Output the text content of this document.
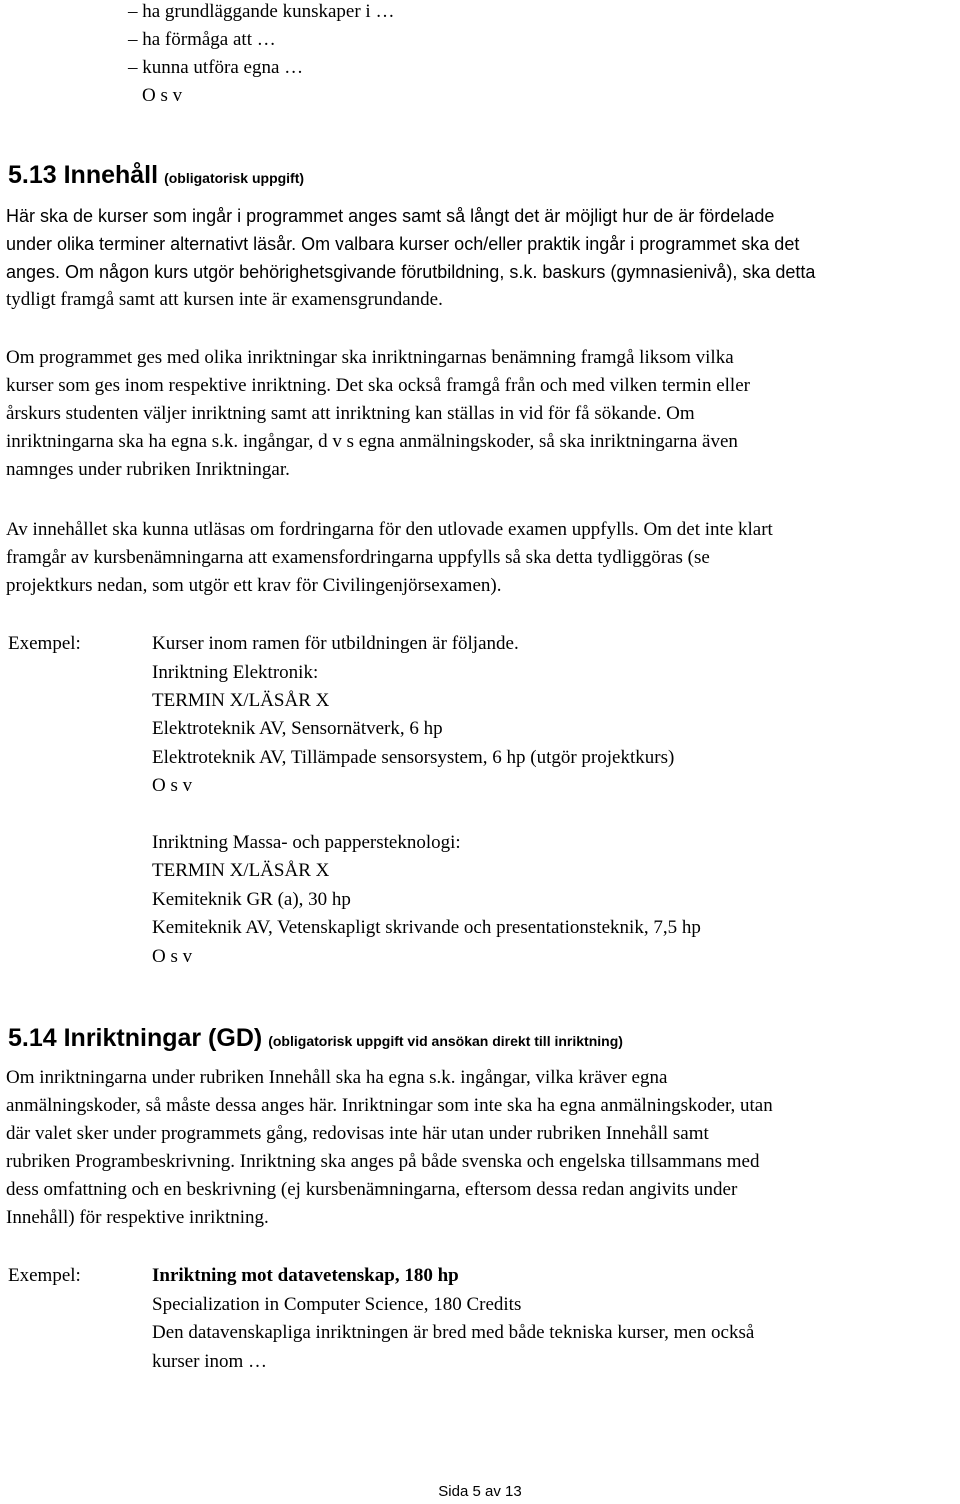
– ha grundläggande kunskaper i …
– ha förmåga att …
– kunna utföra egna …
O s v
5.13 Innehåll (obligatorisk uppgift)
Här ska de kurser som ingår i programmet anges samt så långt det är möjligt hur de är fördelade
under olika terminer alternativt läsår. Om valbara kurser och/eller praktik ingår i programmet ska det
anges. Om någon kurs utgör behörighetsgivande förutbildning, s.k. baskurs (gymnasienivå), ska detta
tydligt framgå samt att kursen inte är examensgrundande.
Om programmet ges med olika inriktningar ska inriktningarnas benämning framgå liksom vilka
kurser som ges inom respektive inriktning. Det ska också framgå från och med vilken termin eller
årskurs studenten väljer inriktning samt att inriktning kan ställas in vid för få sökande. Om
inriktningarna ska ha egna s.k. ingångar, d v s egna anmälningskoder, så ska inriktningarna även
namnges under rubriken Inriktningar.
Av innehållet ska kunna utläsas om fordringarna för den utlovade examen uppfylls. Om det inte klart
framgår av kursbenämningarna att examensfordringarna uppfylls så ska detta tydliggöras (se
projektkurs nedan, som utgör ett krav för Civilingenjörsexamen).
Exempel:	Kurser inom ramen för utbildningen är följande.
Inriktning Elektronik:
TERMIN X/LÄSÅR X
Elektroteknik AV, Sensornätverk, 6 hp
Elektroteknik AV, Tillämpade sensorsystem, 6 hp (utgör projektkurs)
O s v
Inriktning Massa- och pappersteknologi:
TERMIN X/LÄSÅR X
Kemiteknik GR (a), 30 hp
Kemiteknik AV, Vetenskapligt skrivande och presentationsteknik, 7,5 hp
O s v
5.14 Inriktningar (GD) (obligatorisk uppgift vid ansökan direkt till inriktning)
Om inriktningarna under rubriken Innehåll ska ha egna s.k. ingångar, vilka kräver egna
anmälningskoder, så måste dessa anges här. Inriktningar som inte ska ha egna anmälningskoder, utan
där valet sker under programmets gång, redovisas inte här utan under rubriken Innehåll samt
rubriken Programbeskrivning. Inriktning ska anges på både svenska och engelska tillsammans med
dess omfattning och en beskrivning (ej kursbenämningarna, eftersom dessa redan angivits under
Innehåll) för respektive inriktning.
Exempel:	Inriktning mot datavetenskap, 180 hp
Specialization in Computer Science, 180 Credits
Den datavenskapliga inriktningen är bred med både tekniska kurser, men också
kurser inom …
Sida 5 av 13
